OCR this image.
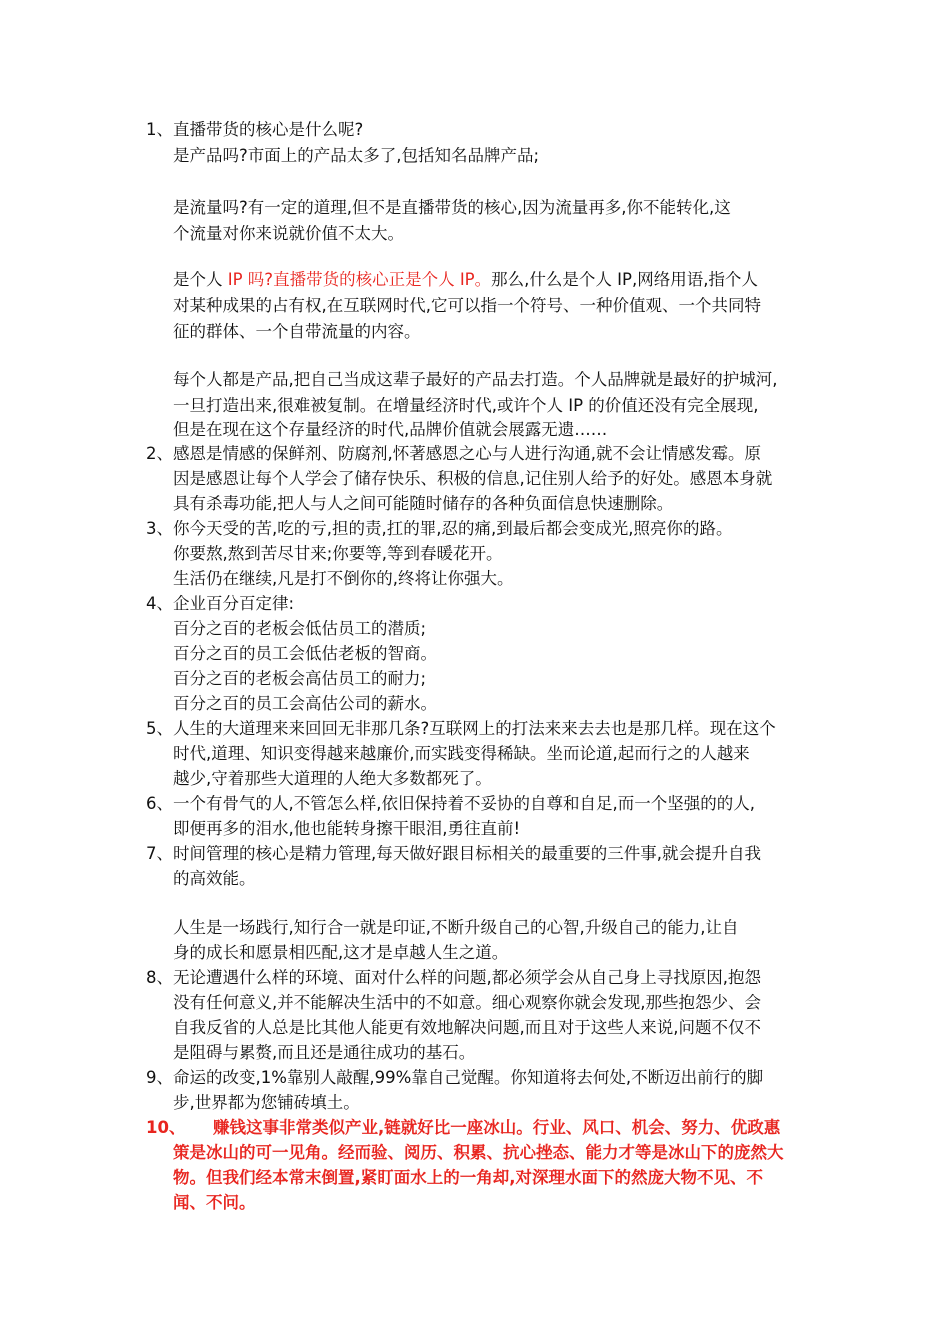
1、 直播带货的核心是什么呢?
是产品吗?市面上的产品太多了,包括知名品牌产品;
是流量吗?有一定的道理,但不是直播带货的核心,因为流量再多,你不能转化,这
个流量对你来说就价值不太大。
是个人 IP 吗?直播带货的核心正是个人 IP。那么,什么是个人 IP,网络用语,指个人
对某种成果的占有权,在互联网时代,它可以指一个符号、一种价值观、一个共同特
征的群体、一个自带流量的内容。
每个人都是产品,把自己当成这辈子最好的产品去打造。个人品牌就是最好的护城河,
一旦打造出来,很难被复制。在增量经济时代,或许个人 IP 的价值还没有完全展现,
但是在现在这个存量经济的时代,品牌价值就会展露无遗……
2、 感恩是情感的保鲜剂、防腐剂,怀著感恩之心与人进行沟通,就不会让情感发霉。原
因是感恩让每个人学会了储存快乐、积极的信息,记住别人给予的好处。感恩本身就
具有杀毒功能,把人与人之间可能随时储存的各种负面信息快速删除。
3、 你今天受的苦,吃的亏,担的责,扛的罪,忍的痛,到最后都会变成光,照亮你的路。
你要熬,熬到苦尽甘来;你要等,等到春暖花开。
生活仍在继续,凡是打不倒你的,终将让你强大。
4、 企业百分百定律:
百分之百的老板会低估员工的潜质;
百分之百的员工会低估老板的智商。
百分之百的老板会高估员工的耐力;
百分之百的员工会高估公司的薪水。
5、 人生的大道理来来回回无非那几条?互联网上的打法来来去去也是那几样。现在这个
时代,道理、知识变得越来越廉价,而实践变得稀缺。坐而论道,起而行之的人越来
越少,守着那些大道理的人绝大多数都死了。
6、 一个有骨气的人,不管怎么样,依旧保持着不妥协的自尊和自足,而一个坚强的的人,
即便再多的泪水,他也能转身擦干眼泪,勇往直前!
7、 时间管理的核心是精力管理,每天做好跟目标相关的最重要的三件事,就会提升自我
的高效能。
人生是一场践行,知行合一就是印证,不断升级自己的心智,升级自己的能力,让自
身的成长和愿景相匹配,这才是卓越人生之道。
8、 无论遭遇什么样的环境、面对什么样的问题,都必须学会从自己身上寻找原因,抱怨
没有任何意义,并不能解决生活中的不如意。细心观察你就会发现,那些抱怨少、会
自我反省的人总是比其他人能更有效地解决问题,而且对于这些人来说,问题不仅不
是阻碍与累赘,而且还是通往成功的基石。
9、 命运的改变,1%靠别人敲醒,99%靠自己觉醒。你知道将去何处,不断迈出前行的脚
步,世界都为您铺砖填土。
10、 赚钱这事非常类似产业,链就好比一座冰山。行业、风口、机会、努力、优政惠
策是冰山的可一见角。经而验、阅历、积累、抗心挫态、能力才等是冰山下的庞然大
物。但我们经本常末倒置,紧盯面水上的一角却,对深理水面下的然庞大物不见、不
闻、不问。
